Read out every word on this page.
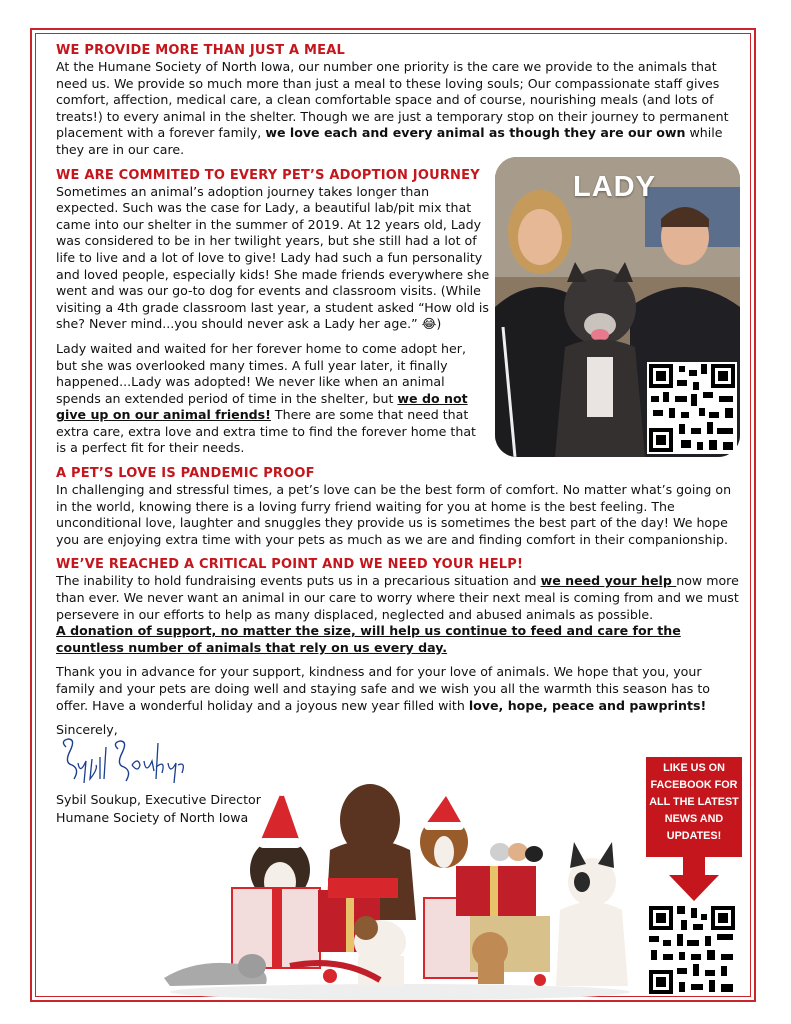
WE PROVIDE MORE THAN JUST A MEAL

At the Humane Society of North Iowa, our number one priority is the care we provide to the animals that need us. We provide so much more than just a meal to these loving souls; Our compassionate staff gives comfort, affection, medical care, a clean comfortable space and of course, nourishing meals (and lots of treats!) to every animal in the shelter. Though we are just a temporary stop on their journey to permanent placement with a forever family, we love each and every animal as though they are our own while they are in our care.

WE ARE COMMITED TO EVERY PET’S ADOPTION JOURNEY

Sometimes an animal’s adoption journey takes longer than expected. Such was the case for Lady, a beautiful lab/pit mix that came into our shelter in the summer of 2019. At 12 years old, Lady was considered to be in her twilight years, but she still had a lot of life to live and a lot of love to give! Lady had such a fun personality and loved people, especially kids! She made friends everywhere she went and was our go-to dog for events and classroom visits. (While visiting a 4th grade classroom last year, a student asked “How old is she? Never mind...you should never ask a Lady her age.” 😂)

Lady waited and waited for her forever home to come adopt her, but she was overlooked many times. A full year later, it finally happened...Lady was adopted! We never like when an animal spends an extended period of time in the shelter, but we do not give up on our animal friends! There are some that need that extra care, extra love and extra time to find the forever home that is a perfect fit for their needs.

A PET’S LOVE IS PANDEMIC PROOF

In challenging and stressful times, a pet’s love can be the best form of comfort. No matter what’s going on in the world, knowing there is a loving furry friend waiting for you at home is the best feeling. The unconditional love, laughter and snuggles they provide us is sometimes the best part of the day! We hope you are enjoying extra time with your pets as much as we are and finding comfort in their companionship.

WE’VE REACHED A CRITICAL POINT AND WE NEED YOUR HELP!

The inability to hold fundraising events puts us in a precarious situation and we need your help now more than ever. We never want an animal in our care to worry where their next meal is coming from and we must persevere in our efforts to help as many displaced, neglected and abused animals as possible.
A donation of support, no matter the size, will help us continue to feed and care for the countless number of animals that rely on us every day.

Thank you in advance for your support, kindness and for your love of animals. We hope that you, your family and your pets are doing well and staying safe and we wish you all the warmth this season has to offer. Have a wonderful holiday and a joyous new year filled with love, hope, peace and pawprints!

Sincerely,

LADY
Sybil Soukup, Executive Director
Humane Society of North Iowa
LIKE US ON
FACEBOOK FOR
ALL THE LATEST
NEWS AND
UPDATES!
